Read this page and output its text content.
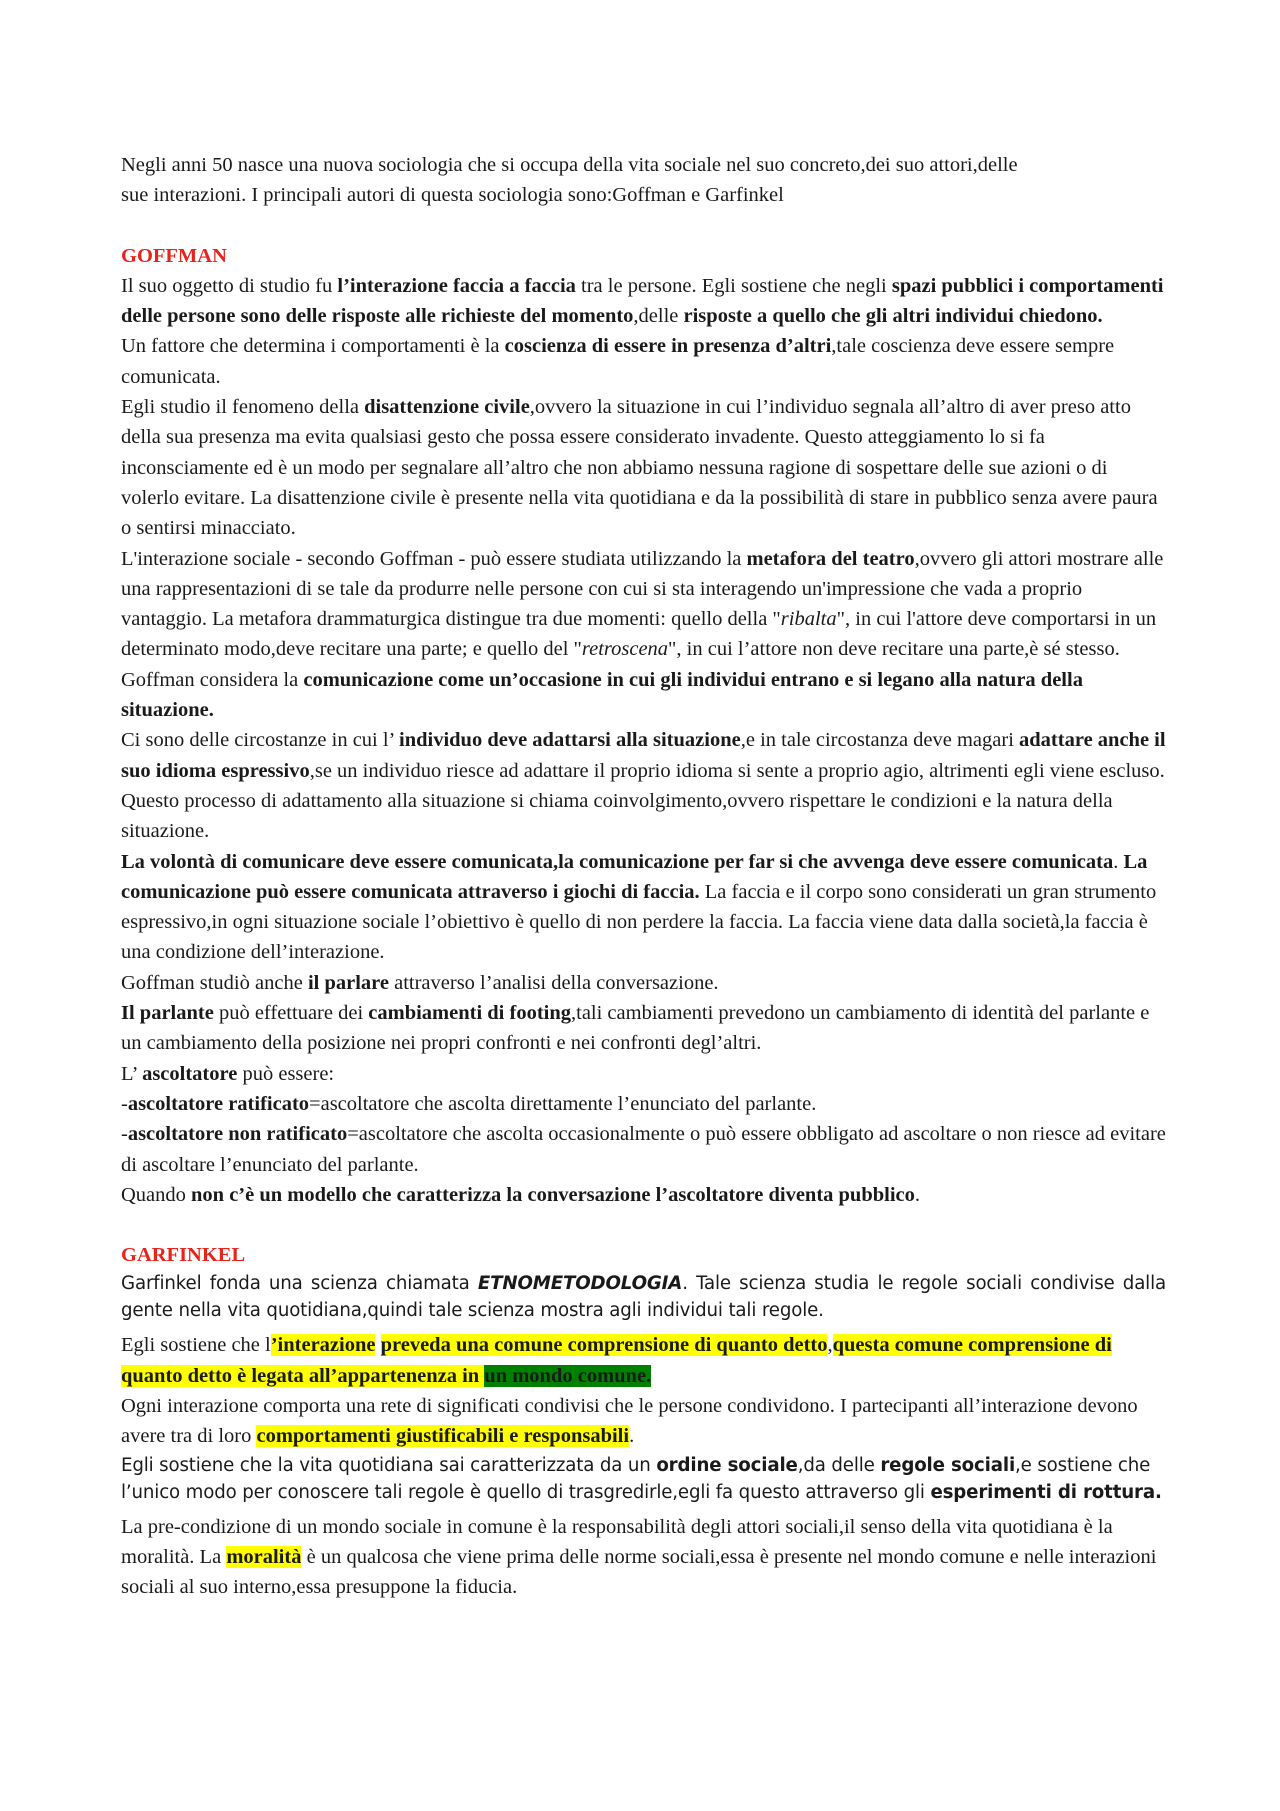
Negli anni 50 nasce una nuova sociologia che si occupa della vita sociale nel suo concreto,dei suo attori,delle
sue interazioni. I principali autori di questa sociologia sono:Goffman e Garfinkel

GOFFMAN

Il suo oggetto di studio fu l’interazione faccia a faccia tra le persone. Egli sostiene che negli spazi pubblici i comportamenti delle persone sono delle risposte alle richieste del momento,delle risposte a quello che gli altri individui chiedono.

Un fattore che determina i comportamenti è la coscienza di essere in presenza d’altri,tale coscienza deve essere sempre comunicata.

Egli studio il fenomeno della disattenzione civile,ovvero la situazione in cui l’individuo segnala all’altro di aver preso atto della sua presenza ma evita qualsiasi gesto che possa essere considerato invadente. Questo atteggiamento lo si fa inconsciamente ed è un modo per segnalare all’altro che non abbiamo nessuna ragione di sospettare delle sue azioni o di volerlo evitare. La disattenzione civile è presente nella vita quotidiana e da la possibilità di stare in pubblico senza avere paura o sentirsi minacciato.

L'interazione sociale - secondo Goffman - può essere studiata utilizzando la metafora del teatro,ovvero gli attori mostrare alle una rappresentazioni di se tale da produrre nelle persone con cui si sta interagendo un'impressione che vada a proprio vantaggio. La metafora drammaturgica distingue tra due momenti: quello della "ribalta", in cui l'attore deve comportarsi in un determinato modo,deve recitare una parte; e quello del "retroscena", in cui l’attore non deve recitare una parte,è sé stesso.

Goffman considera la comunicazione come un’occasione in cui gli individui entrano e si legano alla natura della situazione.

Ci sono delle circostanze in cui l’ individuo deve adattarsi alla situazione,e in tale circostanza deve magari adattare anche il suo idioma espressivo,se un individuo riesce ad adattare il proprio idioma si sente a proprio agio, altrimenti egli viene escluso. Questo processo di adattamento alla situazione si chiama coinvolgimento,ovvero rispettare le condizioni e la natura della situazione.

La volontà di comunicare deve essere comunicata,la comunicazione per far si che avvenga deve essere comunicata. La comunicazione può essere comunicata attraverso i giochi di faccia. La faccia e il corpo sono considerati un gran strumento espressivo,in ogni situazione sociale l’obiettivo è quello di non perdere la faccia. La faccia viene data dalla società,la faccia è una condizione dell’interazione.

Goffman studiò anche il parlare attraverso l’analisi della conversazione.

Il parlante può effettuare dei cambiamenti di footing,tali cambiamenti prevedono un cambiamento di identità del parlante e un cambiamento della posizione nei propri confronti e nei confronti degl’altri.

L’ ascoltatore può essere:

-ascoltatore ratificato=ascoltatore che ascolta direttamente l’enunciato del parlante.

-ascoltatore non ratificato=ascoltatore che ascolta occasionalmente o può essere obbligato ad ascoltare o non riesce ad evitare di ascoltare l’enunciato del parlante.

Quando non c’è un modello che caratterizza la conversazione l’ascoltatore diventa pubblico.

GARFINKEL

Garfinkel fonda una scienza chiamata ETNOMETODOLOGIA. Tale scienza studia le regole sociali condivise dalla gente nella vita quotidiana,quindi tale scienza mostra agli individui tali regole.

Egli sostiene che l’interazione preveda una comune comprensione di quanto detto,questa comune comprensione di quanto detto è legata all’appartenenza in un mondo comune.

Ogni interazione comporta una rete di significati condivisi che le persone condividono. I partecipanti all’interazione devono avere tra di loro comportamenti giustificabili e responsabili.

Egli sostiene che la vita quotidiana sai caratterizzata da un ordine sociale,da delle regole sociali,e sostiene che l’unico modo per conoscere tali regole è quello di trasgredirle,egli fa questo attraverso gli esperimenti di rottura.

La pre-condizione di un mondo sociale in comune è la responsabilità degli attori sociali,il senso della vita quotidiana è la moralità. La moralità è un qualcosa che viene prima delle norme sociali,essa è presente nel mondo comune e nelle interazioni sociali al suo interno,essa presuppone la fiducia.
